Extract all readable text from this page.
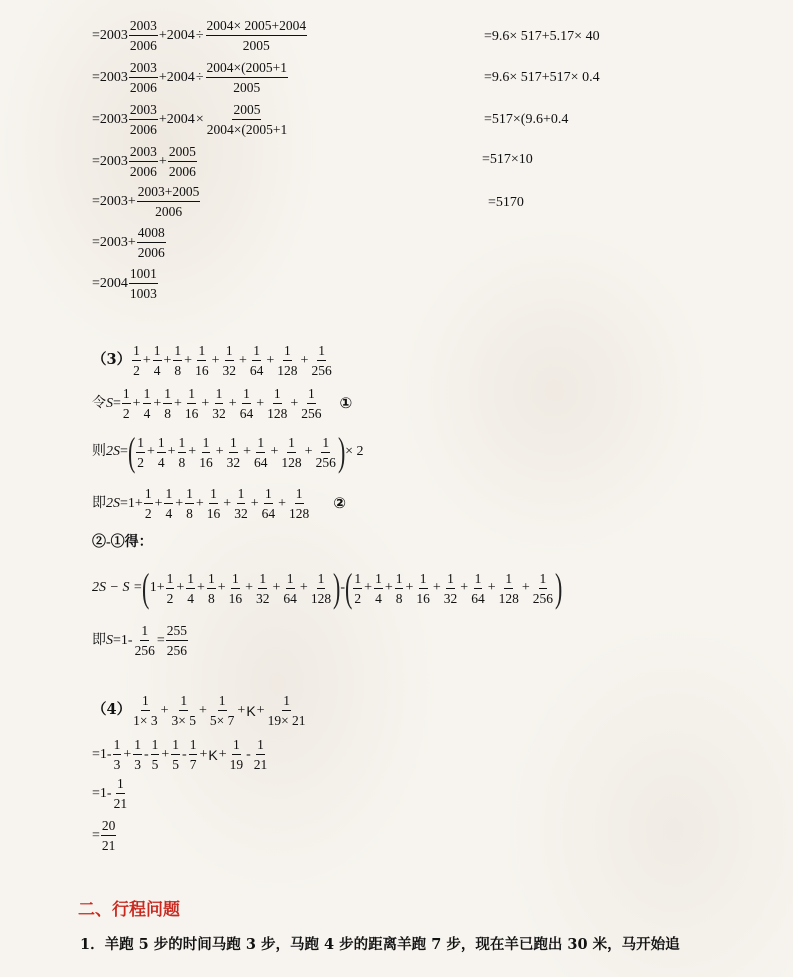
=2003
2003
2006
$+2004 \div \frac{2004\times 2005+2004}{2005}$
=2003
2003
2006
$+2004 \div \frac{2004\times(2005+1}{2005}$
=2003
2003
2006
$+2004 \times \frac{2005}{2004\times(2005+1}$
=2003
2003
2006
+ $\frac{2005}{2006}$
$=2003+ \frac{2003+2005}{2006}$
$=2003+ \frac{4008}{2006}$
=2004
1001
1003
=9.6× 517+5.17× 40
=9.6× 517+517× 0.4
=517×(9.6+0.4
=517×10
=5170
$(3) \frac{1}{2} + \frac{1}{4} + \frac{1}{8} + \frac{1}{16} + \frac{1}{32} + \frac{1}{64} + \frac{1}{128} + \frac{1}{256}$
令 $S = \frac{1}{2} + \frac{1}{4} + \frac{1}{8} + \frac{1}{16} + \frac{1}{32} + \frac{1}{64} + \frac{1}{128} + \frac{1}{256}$ ①
则 2S = ( $\frac{1}{2} + \frac{1}{4} + \frac{1}{8} + \frac{1}{16} + \frac{1}{32} + \frac{1}{64} + \frac{1}{128} + \frac{1}{256}$ ) × 2
即 $2S = 1+ \frac{1}{2} + \frac{1}{4} + \frac{1}{8} + \frac{1}{16} + \frac{1}{32} + \frac{1}{64} + \frac{1}{128}$ ②
②-①得：
2S − S = ( $1+ \frac{1}{2} + \frac{1}{4} + \frac{1}{8} + \frac{1}{16} + \frac{1}{32} + \frac{1}{64} + \frac{1}{128}$ ) - ( $\frac{1}{2} + \frac{1}{4} + \frac{1}{8} + \frac{1}{16} + \frac{1}{32} + \frac{1}{64} + \frac{1}{128} + \frac{1}{256}$ )
即 $S = 1- \frac{1}{256} = \frac{255}{256}$
（4）
1
1× 3
+ $\frac{1}{3\times 5} + \frac{1}{5\times 7} + K + \frac{1}{19\times 21}$
=1-
1
3
+ $\frac{1}{3}$ -
1
5
+ $\frac{1}{5}$ -
1
7
+ $K + \frac{1}{19}$ -
1
21
=1-
1
21
= $\frac{20}{21}$
二、行程问题
1．羊跑 5 步的时间马跑 3 步，马跑 4 步的距离羊跑 7 步，现在羊已跑出 30 米，马开始追
